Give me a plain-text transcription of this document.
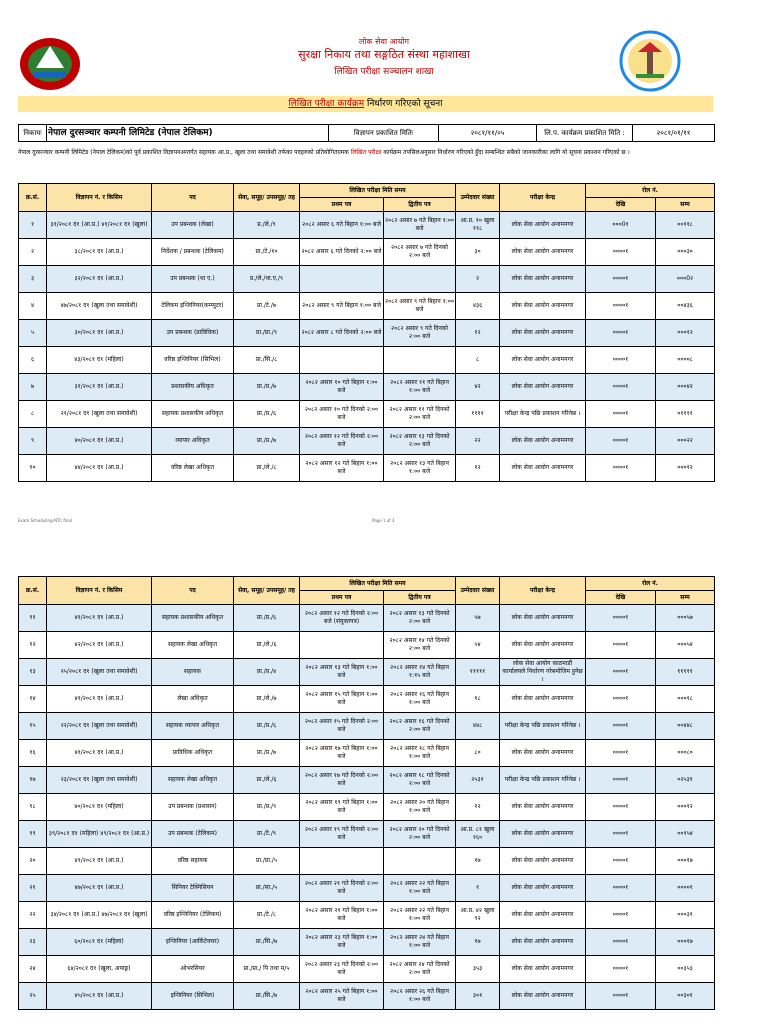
लोक सेवा आयोग
सुरक्षा निकाय तथा सङ्गठित संस्था महाशाखा
लिखित परीक्षा सञ्चालन शाखा
लिखित परीक्षा कार्यक्रम निर्धारण गरिएको सूचना
निकायः	नेपाल दुरसञ्चार कम्पनी लिमिटेड (नेपाल टेलिकम)	विज्ञापन प्रकाशित मितिः	२०८१/११/०५	लि.प. कार्यक्रम प्रकाशित मिति :	२०८१/०१/११
नेपाल दुरसञ्चार कम्पनी लिमिटेड (नेपाल टेलिकम)को पूर्व प्रकाशित विज्ञापनअन्तर्गत सहायक आ.प्र., खुला तथा समावेशी तर्फका पदहरुको प्रतियोगितात्मक लिखित परीक्षा कार्यक्रम तपसिलअनुसार निर्धारण गरिएको हुँदा सम्बन्धित सबैको जानकारीका लागि यो सूचना प्रकाशन गरिएको छ ।
क्र.सं.	विज्ञापन नं. र किसिम	पद	सेवा, समूह/ उपसमूह/ तह	लिखित परीक्षा मिति समय		उम्मेदवार संख्या	परीक्षा केन्द्र	रोल नं.	
				प्रथम पत्र	द्वितीय पत्र			देखि	सम्म
१	३१/२०८१ द१ (आ.प्र.) ४१/२०८१ द१ (खुला)	उप प्रबन्धक (लेखा)	प्र./ले./९	२०८२ असार ६ गते बिहान १:०० बजे	२०८२ असार ७ गते बिहान १:०० बजे	आ.प्र. १० खुला ११८	लोक सेवा आयोग अनामनगर	०००0१	००११८
२	३८/२०८१ द१ (आ.प्र.)	निर्देशक / प्रबन्धक (टेलिकम)	प्रा./टे./१०	२०८२ असार ६ गते दिनको २:०० बजे	२०८२ असार ७ गते दिनको २:०० बजे	३०	लोक सेवा आयोग अनामनगर	००००१	०००३०
३	३२/२०८१ द१ (आ.प्र.)	उप प्रबन्धक (था ए.)	प्र./ले./था.ए./९			२	लोक सेवा आयोग अनामनगर	००००१	०००0२
४	४७/२०८१ द१ (खुला तथा समावेशी)	टेलिकम इन्जिनियर(कम्प्युटर)	प्रा./टे./७	२०८२ असार ९ गते बिहान १:०० बजे	२०८२ असार ९ गते बिहान १:०० बजे	४३६	लोक सेवा आयोग अनामनगर	००००१	००४३६
५	३०/२०८१ द१ (आ.प्र.)	उप प्रबन्धक (प्राविधिक)	प्रा./प्रा./९	२०८२ असार ८ गते दिनको २:०० बजे	२०८२ असार ९ गते दिनको २:०० बजे	१२	लोक सेवा आयोग अनामनगर	००००१	०००१२
६	४३/२०८१ द१ (महिला)	वरिष्ठ इन्जिनियर (सिभिल)	प्रा./सि./८			८	लोक सेवा आयोग अनामनगर	००००१	००००८
७	३१/२०८१ द१ (आ.प्र.)	प्रशासकीय अधिकृत	प्रा./प्र./७	२०८२ असार १० गते बिहान १:०० बजे	२०८२ असार ११ गते बिहान १:०० बजे	४२	लोक सेवा आयोग अनामनगर	००००१	०००४२
८	२१/२०८१ द१ (खुला तथा समावेशी)	सहायक प्रशासकीय अधिकृत	प्रा./प्र./६	२०८२ असार १० गते दिनको २:०० बजे	२०८२ असार ११ गते दिनको २:०० बजे	११११	परीक्षा केन्द्र पछि प्रकाशन गरिनेछ ।	००००१	०११११
९	४०/२०८१ द१ (आ.प्र.)	व्यापार अधिकृत	प्रा./प्र./७	२०८२ असार १२ गते दिनको २:०० बजे	२०८२ असार १३ गते दिनको २:०० बजे	२२	लोक सेवा आयोग अनामनगर	००००१	०००२२
१०	४४/२०८१ द१ (आ.प्र.)	वरिष्ठ लेखा अधिकृत	प्रा./ले./८	२०८२ असार १२ गते बिहान १:०० बजे	२०८२ असार १३ गते बिहान १:०० बजे	१२	लोक सेवा आयोग अनामनगर	००००१	०००१२
Exam Scheduling-NTC final	Page 1 of 3
क्र.सं.	विज्ञापन नं. र किसिम	पद	सेवा, समूह/ उपसमूह/ तह	लिखित परीक्षा मिति समय		उम्मेदवार संख्या	परीक्षा केन्द्र	रोल नं.	
				प्रथम पत्र	द्वितीय पत्र			देखि	सम्म
११	४१/२०८१ द१ (आ.प्र.)	सहायक प्रशासकीय अधिकृत	प्रा./प्र./६	२०८२ असार १२ गते दिनको २:०० बजे (संयुक्तपत्र)	२०८२ असार १३ गते दिनको २:०० बजे	५७	लोक सेवा आयोग अनामनगर	००००१	०००५७
१२	४२/२०८१ द१ (आ.प्र.)	सहायक लेखा अधिकृत	प्रा./ले./६		२०८२ असार १४ गते दिनको २:०० बजे	५४	लोक सेवा आयोग अनामनगर	००००१	०००५४
१३	२५/२०८१ द१ (खुला तथा समावेशी)	सहायक	प्रा./प्र./४	२०८२ असार १३ गते बिहान १:०० बजे	२०८२ असार १४ गते बिहान १:१५ बजे	१११११	लोक सेवा आयोग काठमाडौं कार्यालयले निर्धारण गरेबमोजिम हुनेछ ।	००००१	१११११
१४	४१/२०८१ द१ (आ.प्र.)	लेखा अधिकृत	प्रा./ले./७	२०८२ असार १५ गते बिहान १:०० बजे	२०८२ असार १६ गते बिहान १:०० बजे	१८	लोक सेवा आयोग अनामनगर	००००१	०००१८
१५	२२/२०८१ द१ (खुला तथा समावेशी)	सहायक व्यापार अधिकृत	प्रा./प्र./६	२०८२ असार १५ गते दिनको २:०० बजे	२०८२ असार १६ गते दिनको २:०० बजे	४४८	परीक्षा केन्द्र पछि प्रकाशन गरिनेछ ।	००००१	००४४८
१६	४१/२०८१ द१ (आ.प्र.)	प्राविधिक अधिकृत	प्रा./प्र./७	२०८२ असार १७ गते बिहान १:०० बजे	२०८२ असार १८ गते बिहान १:०० बजे	८०	लोक सेवा आयोग अनामनगर	००००१	०००८०
१७	२३/२०८१ द१ (खुला तथा समावेशी)	सहायक लेखा अधिकृत	प्रा./ले./६	२०८२ असार १७ गते दिनको २:०० बजे	२०८२ असार १८ गते दिनको २:०० बजे	२५३१	परीक्षा केन्द्र पछि प्रकाशन गरिनेछ ।	००००१	०२५३१
१८	४०/२०८१ द१ (महिला)	उप प्रबन्धक (प्रशासन)	प्रा./प्र./९	२०८२ असार १९ गते बिहान १:०० बजे	२०८२ असार २० गते बिहान १:०० बजे	१२	लोक सेवा आयोग अनामनगर	००००१	०००१२
१९	३९/२०८१ द१ (महिला) ४९/२०८१ द१ (आ.प्र.)	उप प्रबन्धक (टेलिकम)	प्रा./टे./९	२०८२ असार १९ गते दिनको २:०० बजे	२०८२ असार २० गते दिनको २:०० बजे	आ.प्र. ८१ खुला १६०	लोक सेवा आयोग अनामनगर	००००१	००१५४
२०	४१/२०८१ द१ (आ.प्र.)	वरिष्ठ सहायक	प्रा./प्रा./५			१७	लोक सेवा आयोग अनामनगर	००००१	०००१७
२१	४७/२०८१ द१ (आ.प्र.)	सिनियर टेक्निसियन	प्रा./सा./५	२०८२ असार २१ गते दिनको २:०० बजे	२०८२ असार २२ गते बिहान १:०० बजे	१	लोक सेवा आयोग अनामनगर	००००१	००००१
२२	३४/२०८१ द१ (आ.प्र.) ४७/२०८१ द१ (खुला)	वरिष्ठ इन्जिनियर (टेलिकम)	प्रा./टे./८	२०८२ असार २१ गते बिहान १:०० बजे	२०८२ असार २२ गते बिहान १:०० बजे	आ.प्र. ४२ खुला ९२	लोक सेवा आयोग अनामनगर	००००१	०००३१
२३	६०/२०८१ द१ (महिला)	इन्जिनियर (आर्किटेक्चर)	प्रा./सि./७	२०८२ असार २३ गते बिहान १:०० बजे	२०८२ असार २४ गते बिहान १:०० बजे	१७	लोक सेवा आयोग अनामनगर	००००१	०००१७
२४	६४/२०८१ द१ (खुला, अपाङ्ग)	ओभरसियर	प्रा./प्रा./ पि तथा म/५	२०८२ असार २३ गते दिनको २:०० बजे	२०८२ असार २४ गते दिनको २:०० बजे	३५३	लोक सेवा आयोग अनामनगर	००००१	००३५३
२५	४५/२०८१ द१ (आ.प्र.)	इन्जिनियर (सिभिल)	प्रा./सि./७	२०८२ असार २५ गते बिहान १:०० बजे	२०८२ असार २६ गते बिहान १:०० बजे	३०१	लोक सेवा आयोग अनामनगर	००००१	००३०१
